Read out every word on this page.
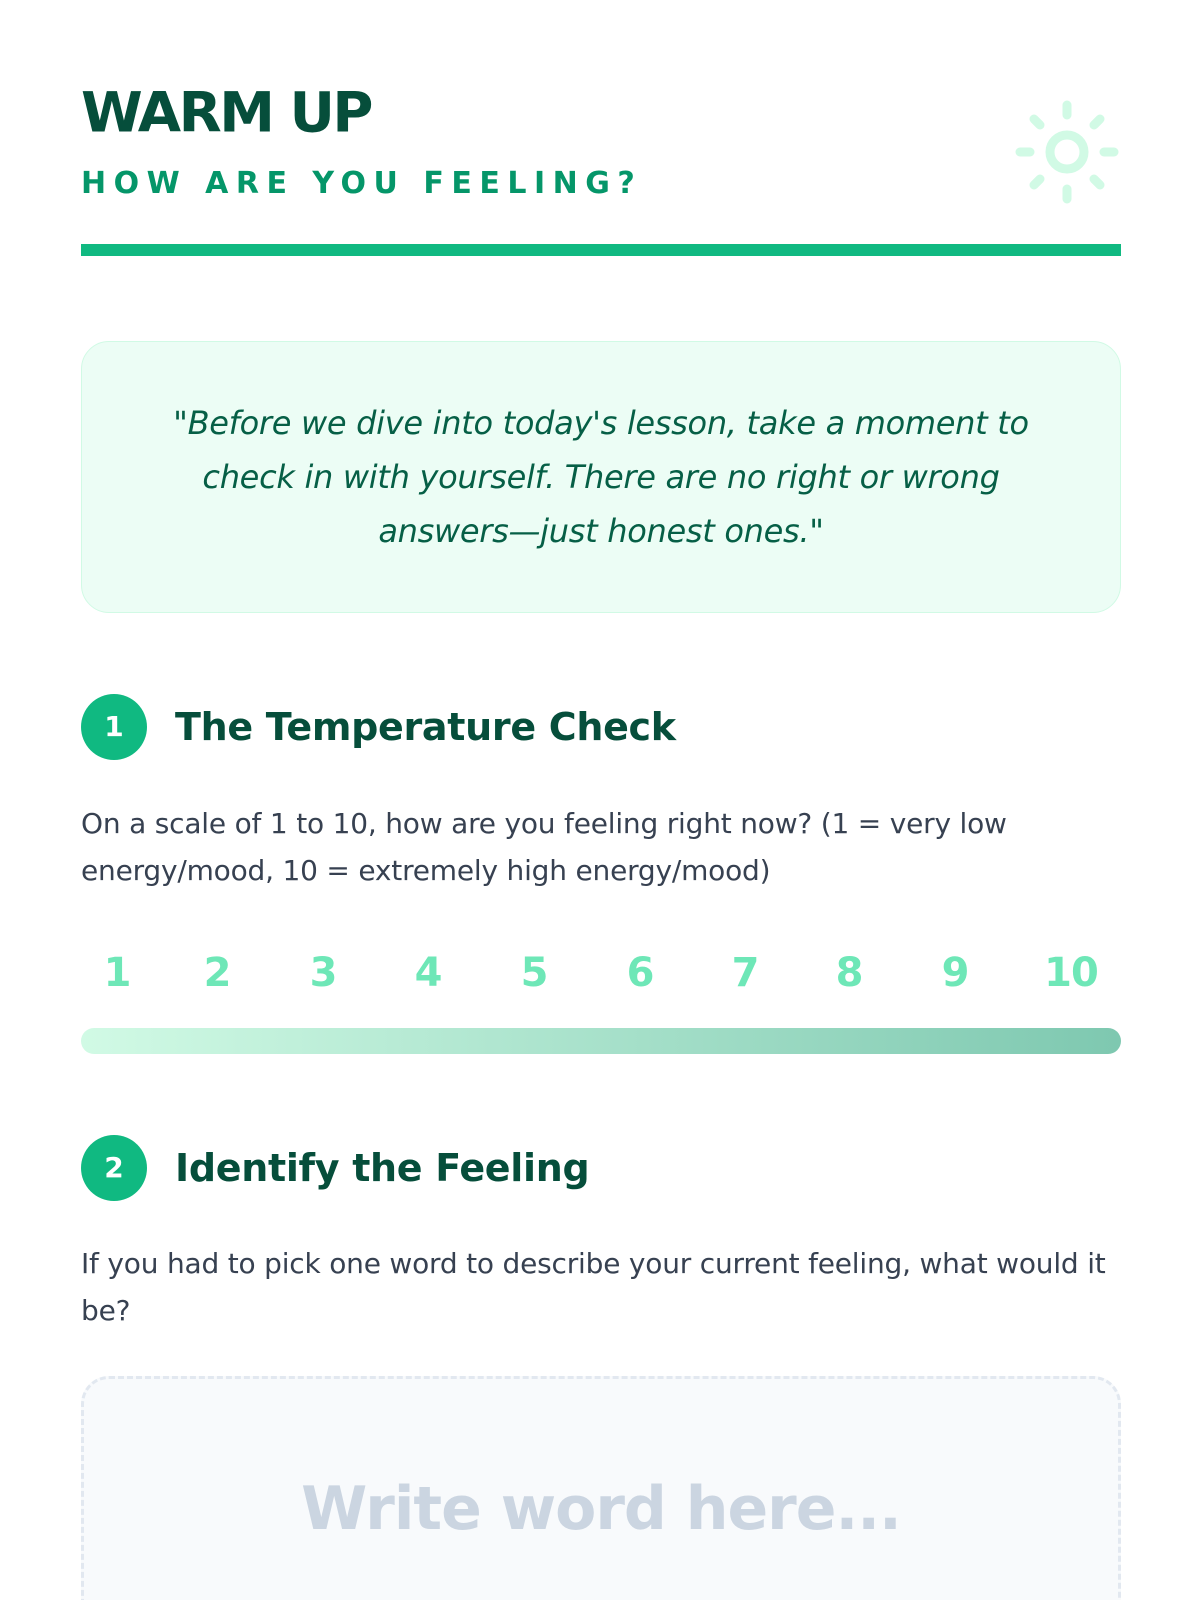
WARM UP
HOW ARE YOU FEELING?

"Before we dive into today's lesson, take a moment to check in with yourself. There are no right or wrong answers—just honest ones."

1	The Temperature Check

On a scale of 1 to 10, how are you feeling right now? (1 = very low energy/mood, 10 = extremely high energy/mood)

1	2	3	4	5	6	7	8	9	10
2	Identify the Feeling

If you had to pick one word to describe your current feeling, what would it be?

Write word here...
